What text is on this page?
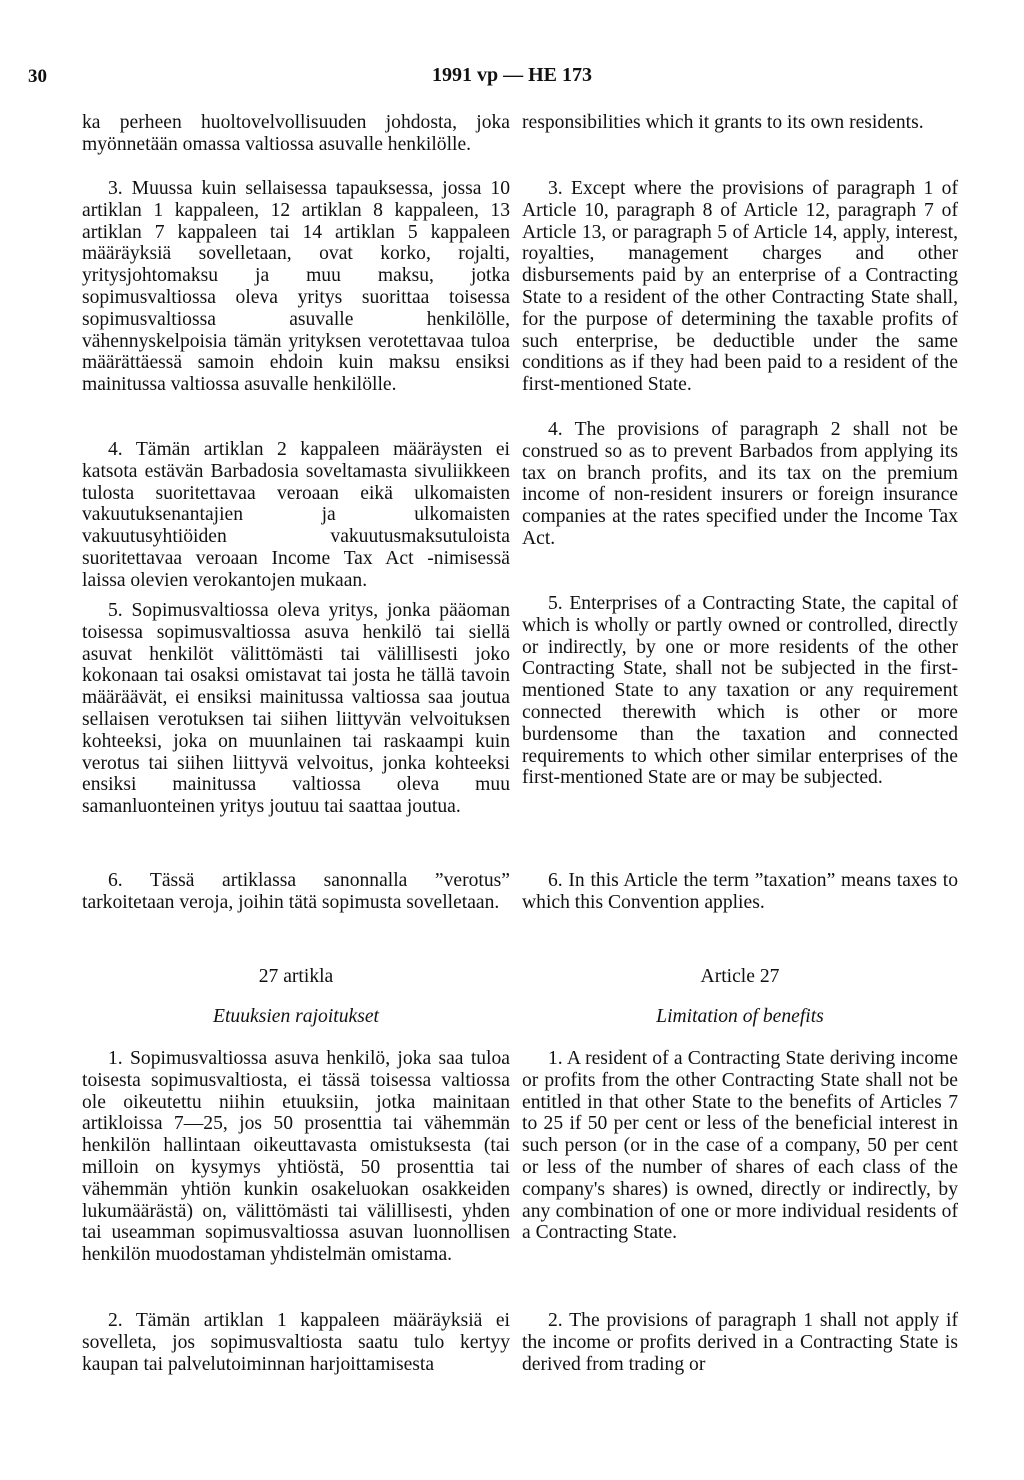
30	1991 vp — HE 173

ka perheen huoltovelvollisuuden johdosta, joka myönnetään omassa valtiossa asuvalle henkilölle.

3. Muussa kuin sellaisessa tapauksessa, jossa 10 artiklan 1 kappaleen, 12 artiklan 8 kappaleen, 13 artiklan 7 kappaleen tai 14 artiklan 5 kappaleen määräyksiä sovelletaan, ovat korko, rojalti, yritysjohtomaksu ja muu maksu, jotka sopimusvaltiossa oleva yritys suorittaa toisessa sopimusvaltiossa asuvalle henkilölle, vähennyskelpoisia tämän yrityksen verotettavaa tuloa määrättäessä samoin ehdoin kuin maksu ensiksi mainitussa valtiossa asuvalle henkilölle.

4. Tämän artiklan 2 kappaleen määräysten ei katsota estävän Barbadosia soveltamasta sivuliikkeen tulosta suoritettavaa veroaan eikä ulkomaisten vakuutuksenantajien ja ulkomaisten vakuutusyhtiöiden vakuutusmaksutuloista suoritettavaa veroaan Income Tax Act -nimisessä laissa olevien verokantojen mukaan.

5. Sopimusvaltiossa oleva yritys, jonka pääoman toisessa sopimusvaltiossa asuva henkilö tai siellä asuvat henkilöt välittömästi tai välillisesti joko kokonaan tai osaksi omistavat tai josta he tällä tavoin määräävät, ei ensiksi mainitussa valtiossa saa joutua sellaisen verotuksen tai siihen liittyvän velvoituksen kohteeksi, joka on muunlainen tai raskaampi kuin verotus tai siihen liittyvä velvoitus, jonka kohteeksi ensiksi mainitussa valtiossa oleva muu samanluonteinen yritys joutuu tai saattaa joutua.

6. Tässä artiklassa sanonnalla ”verotus” tarkoitetaan veroja, joihin tätä sopimusta sovelletaan.

27 artikla
Etuuksien rajoitukset

1. Sopimusvaltiossa asuva henkilö, joka saa tuloa toisesta sopimusvaltiosta, ei tässä toisessa valtiossa ole oikeutettu niihin etuuksiin, jotka mainitaan artikloissa 7—25, jos 50 prosenttia tai vähemmän henkilön hallintaan oikeuttavasta omistuksesta (tai milloin on kysymys yhtiöstä, 50 prosenttia tai vähemmän yhtiön kunkin osakeluokan osakkeiden lukumäärästä) on, välittömästi tai välillisesti, yhden tai useamman sopimusvaltiossa asuvan luonnollisen henkilön muodostaman yhdistelmän omistama.

2. Tämän artiklan 1 kappaleen määräyksiä ei sovelleta, jos sopimusvaltiosta saatu tulo kertyy kaupan tai palvelutoiminnan harjoittamisesta

responsibilities which it grants to its own residents.

3. Except where the provisions of paragraph 1 of Article 10, paragraph 8 of Article 12, paragraph 7 of Article 13, or paragraph 5 of Article 14, apply, interest, royalties, management charges and other disbursements paid by an enterprise of a Contracting State to a resident of the other Contracting State shall, for the purpose of determining the taxable profits of such enterprise, be deductible under the same conditions as if they had been paid to a resident of the first-mentioned State.

4. The provisions of paragraph 2 shall not be construed so as to prevent Barbados from applying its tax on branch profits, and its tax on the premium income of non-resident insurers or foreign insurance companies at the rates specified under the Income Tax Act.

5. Enterprises of a Contracting State, the capital of which is wholly or partly owned or controlled, directly or indirectly, by one or more residents of the other Contracting State, shall not be subjected in the first-mentioned State to any taxation or any requirement connected therewith which is other or more burdensome than the taxation and connected requirements to which other similar enterprises of the first-mentioned State are or may be subjected.

6. In this Article the term ”taxation” means taxes to which this Convention applies.

Article 27
Limitation of benefits

1. A resident of a Contracting State deriving income or profits from the other Contracting State shall not be entitled in that other State to the benefits of Articles 7 to 25 if 50 per cent or less of the beneficial interest in such person (or in the case of a company, 50 per cent or less of the number of shares of each class of the company's shares) is owned, directly or indirectly, by any combination of one or more individual residents of a Contracting State.

2. The provisions of paragraph 1 shall not apply if the income or profits derived in a Contracting State is derived from trading or
